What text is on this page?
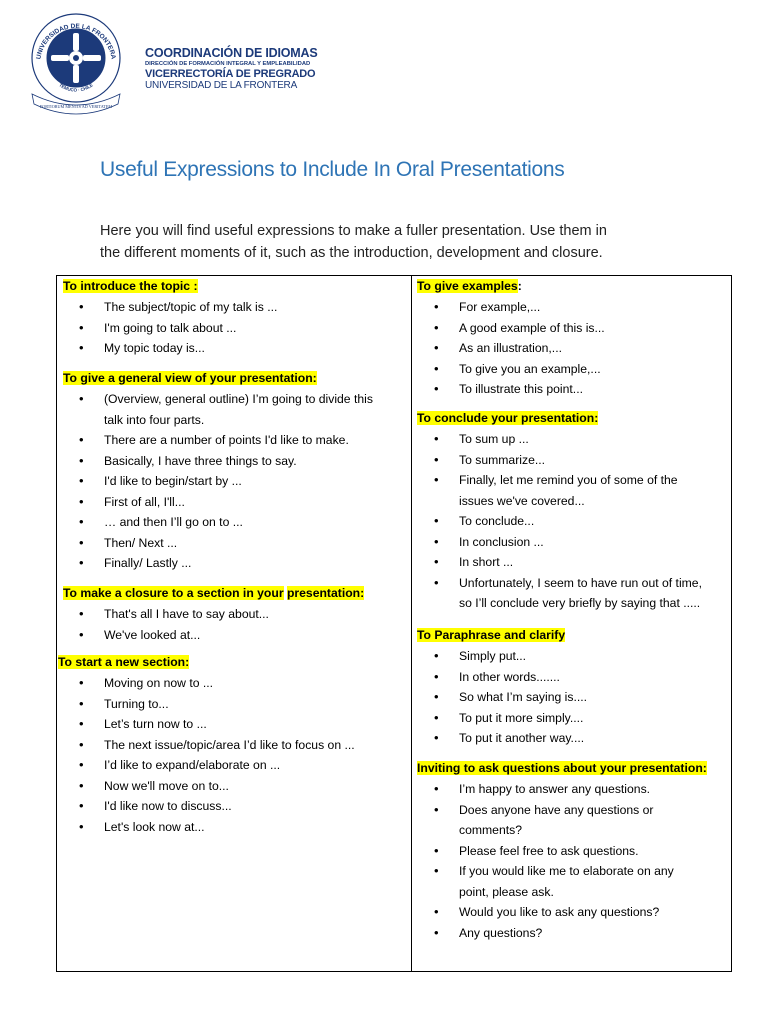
UNIVERSIDAD DE LA FRONTERA
TEMUCO · CHILE
FORTIORUM MENTIS AD VERITATEM
COORDINACIÓN DE IDIOMAS
DIRECCIÓN DE FORMACIÓN INTEGRAL Y EMPLEABILIDAD
VICERRECTORÍA DE PREGRADO
UNIVERSIDAD DE LA FRONTERA
Useful Expressions to Include In Oral Presentations
Here you will find useful expressions to make a fuller presentation. Use them in
the different moments of it, such as the introduction, development and closure.
To introduce the topic :
• The subject/topic of my talk is ...
• I'm going to talk about ...
• My topic today is...
To give a general view of your presentation:
• (Overview, general outline) I’m going to divide this
talk into four parts.
• There are a number of points I'd like to make.
• Basically, I have three things to say.
• I'd like to begin/start by ...
• First of all, I'll...
• … and then I’ll go on to ...
• Then/ Next ...
• Finally/ Lastly ...
To make a closure to a section in your presentation:
• That's all I have to say about...
• We've looked at...
To start a new section:
• Moving on now to ...
• Turning to...
• Let’s turn now to ...
• The next issue/topic/area I’d like to focus on ...
• I’d like to expand/elaborate on ...
• Now we'll move on to...
• I'd like now to discuss...
• Let's look now at...
To give examples:
• For example,...
• A good example of this is...
• As an illustration,...
• To give you an example,...
• To illustrate this point...
To conclude your presentation:
• To sum up ...
• To summarize...
• Finally, let me remind you of some of the
issues we've covered...
• To conclude...
• In conclusion ...
• In short ...
• Unfortunately, I seem to have run out of time,
so I’ll conclude very briefly by saying that .....
To Paraphrase and clarify
• Simply put...
• In other words.......
• So what I’m saying is....
• To put it more simply....
• To put it another way....
Inviting to ask questions about your presentation:
• I’m happy to answer any questions.
• Does anyone have any questions or
comments?
• Please feel free to ask questions.
• If you would like me to elaborate on any
point, please ask.
• Would you like to ask any questions?
• Any questions?
